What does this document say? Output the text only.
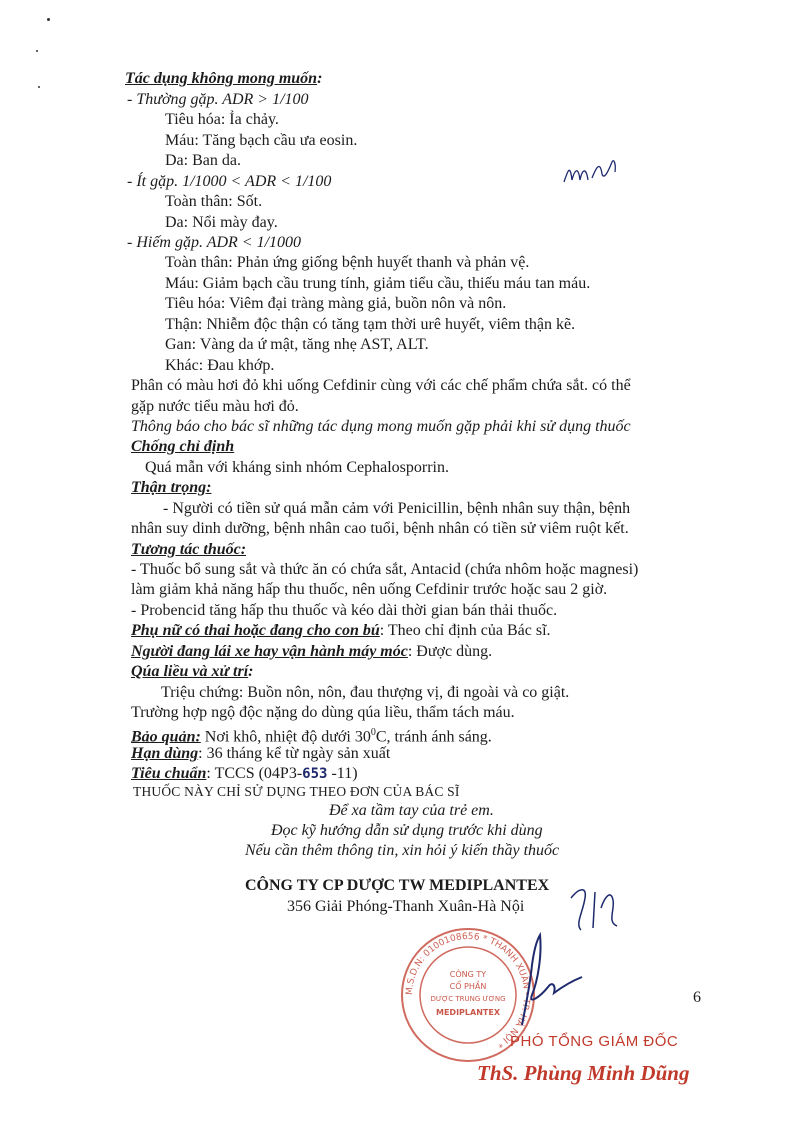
Tác dụng không mong muốn:
- Thường gặp. ADR > 1/100
Tiêu hóa: Ỉa chảy.
Máu: Tăng bạch cầu ưa eosin.
Da: Ban da.
- Ít gặp. 1/1000 < ADR < 1/100
Toàn thân: Sốt.
Da: Nổi mày đay.
- Hiếm gặp. ADR < 1/1000
Toàn thân: Phản ứng giống bệnh huyết thanh và phản vệ.
Máu: Giảm bạch cầu trung tính, giảm tiểu cầu, thiếu máu tan máu.
Tiêu hóa: Viêm đại tràng màng giả, buồn nôn và nôn.
Thận: Nhiễm độc thận có tăng tạm thời urê huyết, viêm thận kẽ.
Gan: Vàng da ứ mật, tăng nhẹ AST, ALT.
Khác: Đau khớp.
Phân có màu hơi đỏ khi uống Cefdinir cùng với các chế phẩm chứa sắt. có thể
gặp nước tiểu màu hơi đỏ.
Thông báo cho bác sĩ những tác dụng mong muốn gặp phải khi sử dụng thuốc
Chống chỉ định
Quá mẫn với kháng sinh nhóm Cephalosporrin.
Thận trọng:
- Người có tiền sử quá mẫn cảm với Penicillin, bệnh nhân suy thận, bệnh
nhân suy dinh dưỡng, bệnh nhân cao tuổi, bệnh nhân có tiền sử viêm ruột kết.
Tương tác thuốc:
- Thuốc bổ sung sắt và thức ăn có chứa sắt, Antacid (chứa nhôm hoặc magnesi)
làm giảm khả năng hấp thu thuốc, nên uống Cefdinir trước hoặc sau 2 giờ.
- Probencid tăng hấp thu thuốc và kéo dài thời gian bán thải thuốc.
Phụ nữ có thai hoặc đang cho con bú: Theo chỉ định của Bác sĩ.
Người đang lái xe hay vận hành máy móc: Được dùng.
Qúa liều và xử trí:
Triệu chứng: Buồn nôn, nôn, đau thượng vị, đi ngoài và co giật.
Trường hợp ngộ độc nặng do dùng qúa liều, thẩm tách máu.
Bảo quản: Nơi khô, nhiệt độ dưới $30^0C$, tránh ánh sáng.
Hạn dùng: 36 tháng kể từ ngày sản xuất
Tiêu chuẩn: TCCS (04P3-653 -11)
THUỐC NÀY CHỈ SỬ DỤNG THEO ĐƠN CỦA BÁC SĨ
Để xa tầm tay của trẻ em.
Đọc kỹ hướng dẫn sử dụng trước khi dùng
Nếu cần thêm thông tin, xin hỏi ý kiến thầy thuốc
CÔNG TY CP DƯỢC TW MEDIPLANTEX
356 Giải Phóng-Thanh Xuân-Hà Nội
6
M.S.D.N: 0100108656 * THANH XUÂN - TP. HÀ NỘI *
CÔNG TY
CỔ PHẦN
DƯỢC TRUNG ƯƠNG
MEDIPLANTEX
PHÓ TỔNG GIÁM ĐỐC
ThS. Phùng Minh Dũng
